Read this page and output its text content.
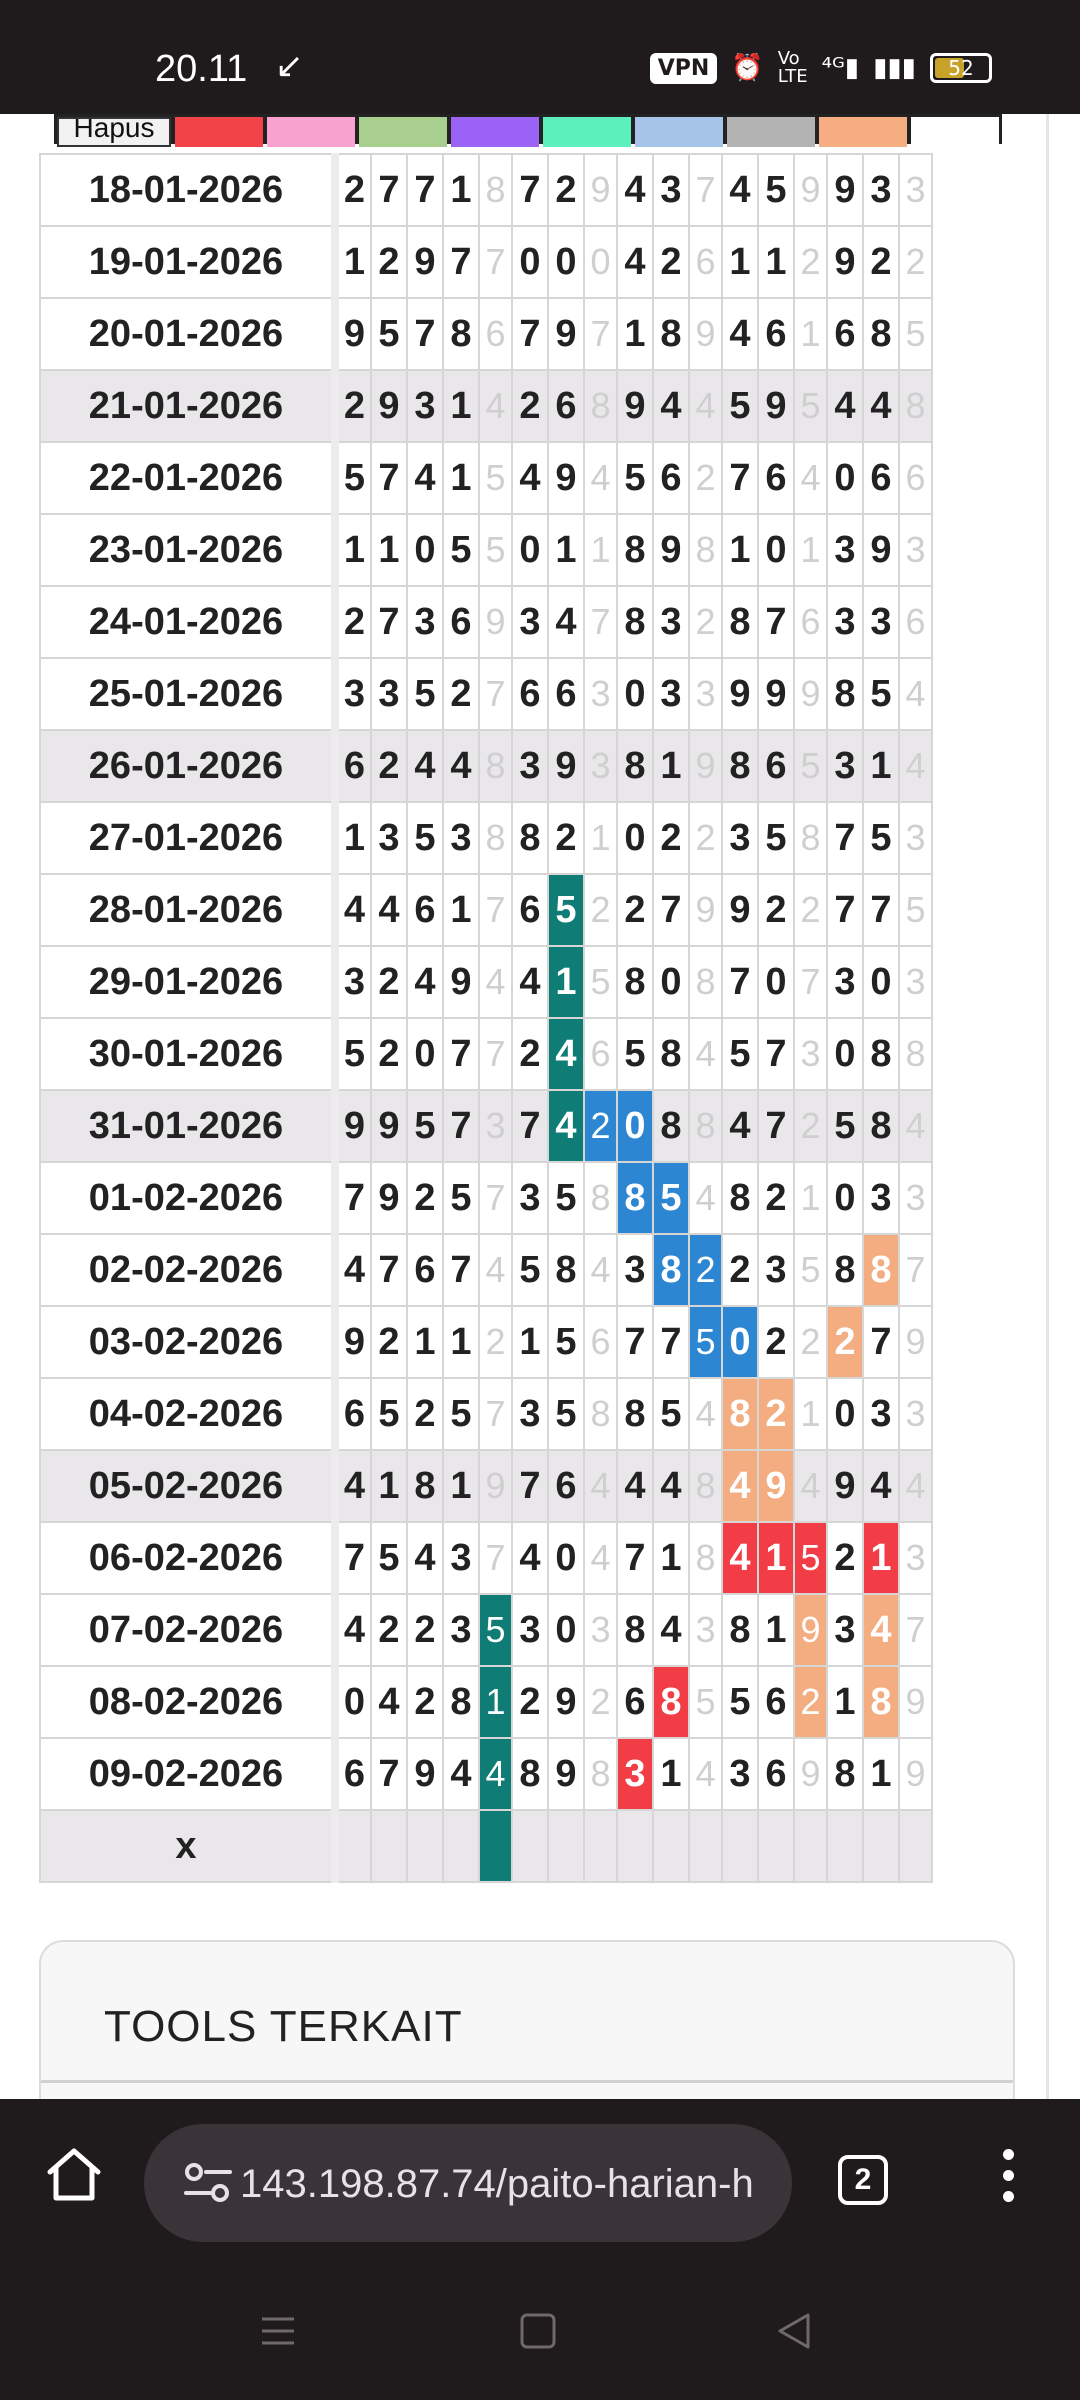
20.11 ↙	VPN ⏰ Vo
LTE ⁴ᴳ▮ ▮▮▮	52
Hapus
18-01-2026	2	7	7	1	8	7	2	9	4	3	7	4	5	9	9	3	3
19-01-2026	1	2	9	7	7	0	0	0	4	2	6	1	1	2	9	2	2
20-01-2026	9	5	7	8	6	7	9	7	1	8	9	4	6	1	6	8	5
21-01-2026	2	9	3	1	4	2	6	8	9	4	4	5	9	5	4	4	8
22-01-2026	5	7	4	1	5	4	9	4	5	6	2	7	6	4	0	6	6
23-01-2026	1	1	0	5	5	0	1	1	8	9	8	1	0	1	3	9	3
24-01-2026	2	7	3	6	9	3	4	7	8	3	2	8	7	6	3	3	6
25-01-2026	3	3	5	2	7	6	6	3	0	3	3	9	9	9	8	5	4
26-01-2026	6	2	4	4	8	3	9	3	8	1	9	8	6	5	3	1	4
27-01-2026	1	3	5	3	8	8	2	1	0	2	2	3	5	8	7	5	3
28-01-2026	4	4	6	1	7	6	5	2	2	7	9	9	2	2	7	7	5
29-01-2026	3	2	4	9	4	4	1	5	8	0	8	7	0	7	3	0	3
30-01-2026	5	2	0	7	7	2	4	6	5	8	4	5	7	3	0	8	8
31-01-2026	9	9	5	7	3	7	4	2	0	8	8	4	7	2	5	8	4
01-02-2026	7	9	2	5	7	3	5	8	8	5	4	8	2	1	0	3	3
02-02-2026	4	7	6	7	4	5	8	4	3	8	2	2	3	5	8	8	7
03-02-2026	9	2	1	1	2	1	5	6	7	7	5	0	2	2	2	7	9
04-02-2026	6	5	2	5	7	3	5	8	8	5	4	8	2	1	0	3	3
05-02-2026	4	1	8	1	9	7	6	4	4	4	8	4	9	4	9	4	4
06-02-2026	7	5	4	3	7	4	0	4	7	1	8	4	1	5	2	1	3
07-02-2026	4	2	2	3	5	3	0	3	8	4	3	8	1	9	3	4	7
08-02-2026	0	4	2	8	1	2	9	2	6	8	5	5	6	2	1	8	9
09-02-2026	6	7	9	4	4	8	9	8	3	1	4	3	6	9	8	1	9
x																	
TOOLS TERKAIT
143.198.87.74/paito-harian-h	2
